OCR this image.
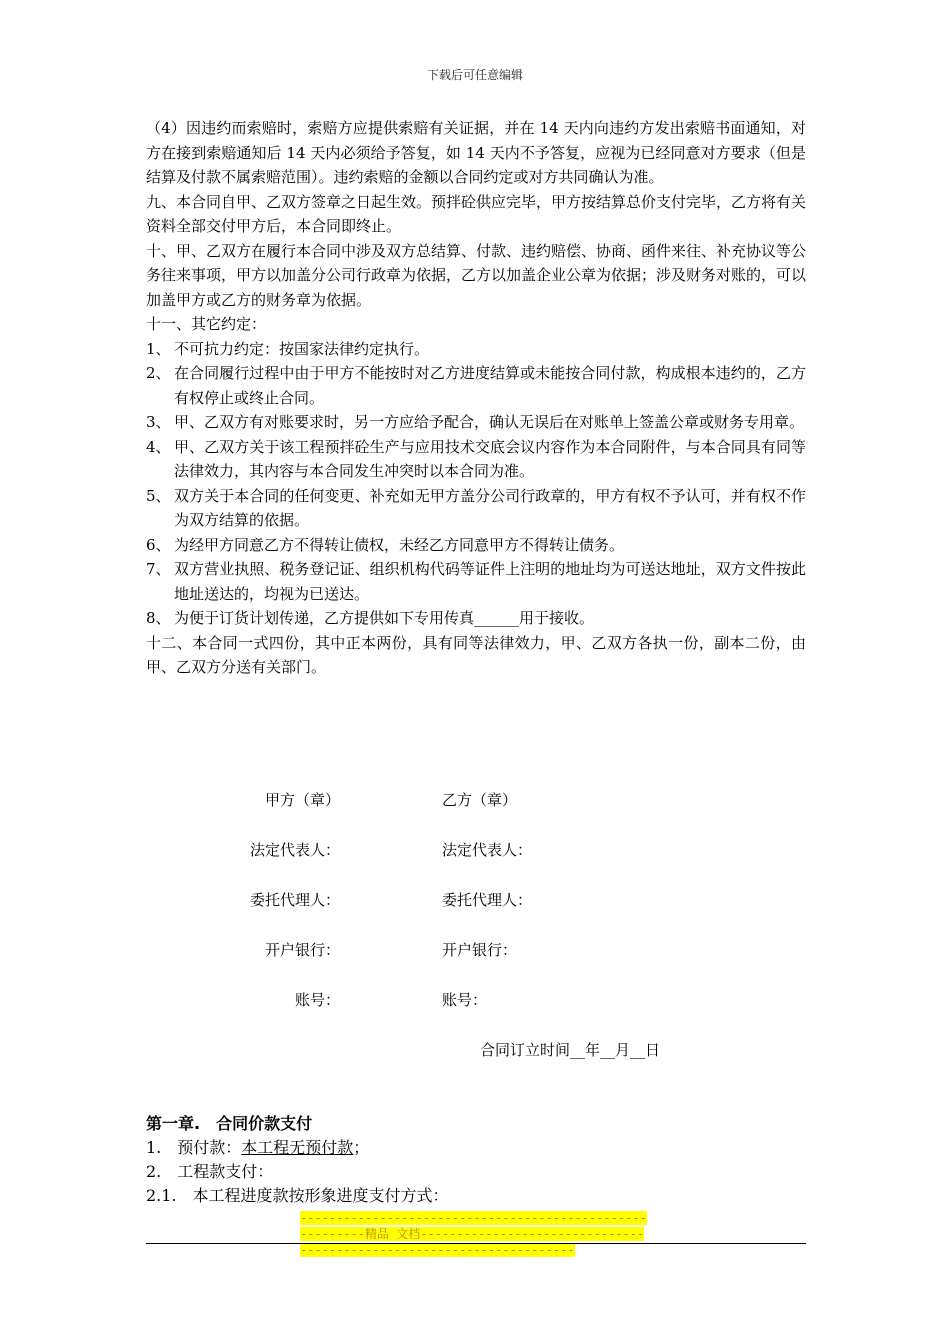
下载后可任意编辑

（4）因违约而索赔时，索赔方应提供索赔有关证据，并在 14 天内向违约方发出索赔书面通知，对方在接到索赔通知后 14 天内必须给予答复，如 14 天内不予答复，应视为已经同意对方要求（但是结算及付款不属索赔范围）。违约索赔的金额以合同约定或对方共同确认为准。

九、本合同自甲、乙双方签章之日起生效。预拌砼供应完毕，甲方按结算总价支付完毕，乙方将有关资料全部交付甲方后，本合同即终止。

十、甲、乙双方在履行本合同中涉及双方总结算、付款、违约赔偿、协商、函件来往、补充协议等公务往来事项，甲方以加盖分公司行政章为依据，乙方以加盖企业公章为依据；涉及财务对账的，可以加盖甲方或乙方的财务章为依据。

十一、其它约定：

1、 不可抗力约定：按国家法律约定执行。
2、 在合同履行过程中由于甲方不能按时对乙方进度结算或未能按合同付款，构成根本违约的，乙方有权停止或终止合同。
3、 甲、乙双方有对账要求时，另一方应给予配合，确认无误后在对账单上签盖公章或财务专用章。
4、 甲、乙双方关于该工程预拌砼生产与应用技术交底会议内容作为本合同附件，与本合同具有同等法律效力，其内容与本合同发生冲突时以本合同为准。
5、 双方关于本合同的任何变更、补充如无甲方盖分公司行政章的，甲方有权不予认可，并有权不作为双方结算的依据。
6、 为经甲方同意乙方不得转让债权，未经乙方同意甲方不得转让债务。
7、 双方营业执照、税务登记证、组织机构代码等证件上注明的地址均为可送达地址，双方文件按此地址送达的，均视为已送达。
8、 为便于订货计划传递，乙方提供如下专用传真______用于接收。

十二、本合同一式四份，其中正本两份，具有同等法律效力，甲、乙双方各执一份，副本二份，由甲、乙双方分送有关部门。

甲方（章）	乙方（章）
法定代表人：	法定代表人：
委托代理人：	委托代理人：
开户银行：	开户银行：
账号：	账号：
合同订立时间__年__月__日
第一章.　合同价款支付
1.　预付款：本工程无预付款；
2.　工程款支付：
2.1.　本工程进度款按形象进度支付方式：
---------------------------------------------------------精品 文档---------------------------------------------------------------------
